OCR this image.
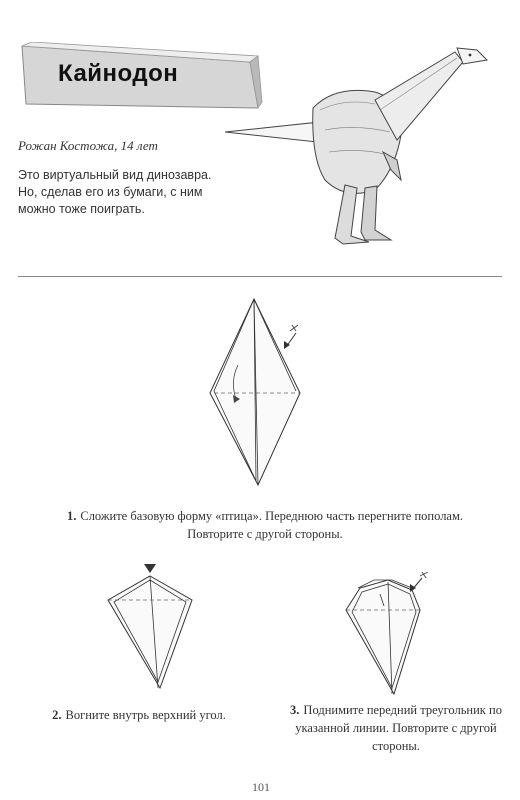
Кайнодон
Рожан Костожа, 14 лет
Это виртуальный вид динозавра. Но, сделав его из бумаги, с ним можно тоже поиграть.
1. Сложите базовую форму «птица». Переднюю часть перегните пополам. Повторите с другой стороны.
2. Вогните внутрь верхний угол.	3. Поднимите передний треугольник по указанной линии. Повторите с другой стороны.
101
